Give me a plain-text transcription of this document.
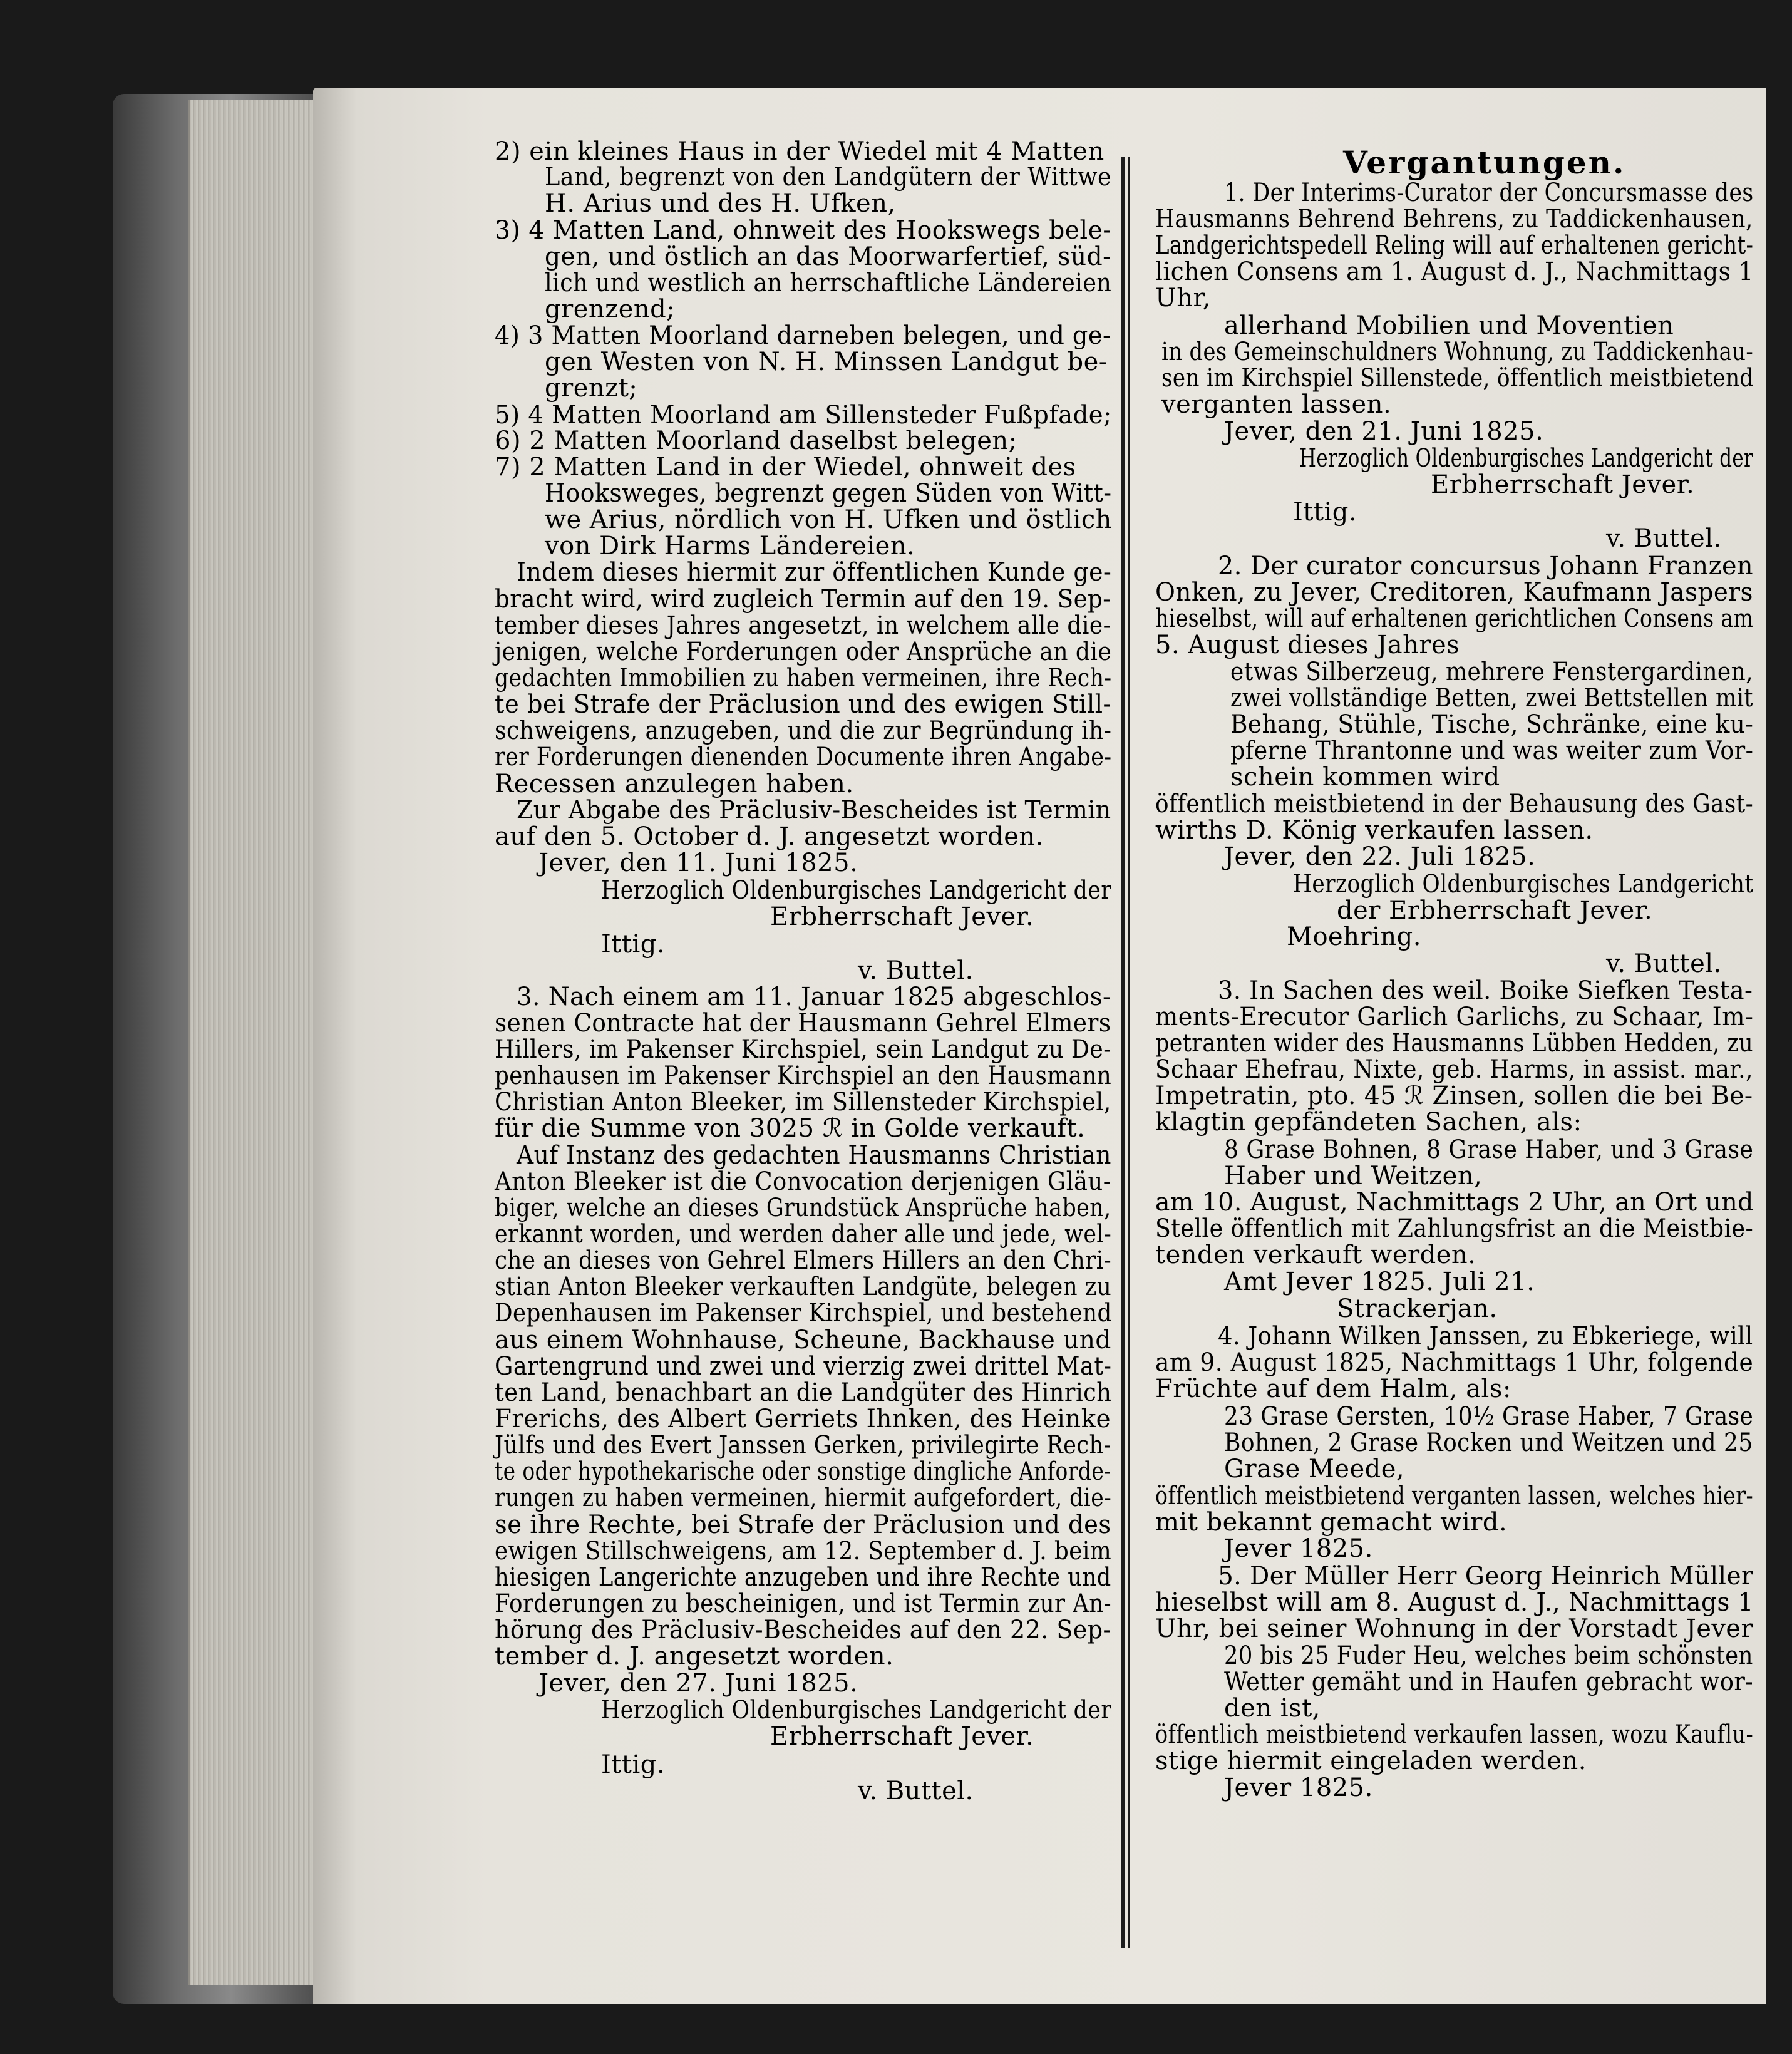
2) ein kleines Haus in der Wiedel mit 4 Matten
Land, begrenzt von den Landgütern der Wittwe
H. Arius und des H. Ufken,
3) 4 Matten Land, ohnweit des Hookswegs bele-
gen, und östlich an das Moorwarfertief, süd-
lich und westlich an herrschaftliche Ländereien
grenzend;
4) 3 Matten Moorland darneben belegen, und ge-
gen Westen von N. H. Minssen Landgut be-
grenzt;
5) 4 Matten Moorland am Sillensteder Fußpfade;
6) 2 Matten Moorland daselbst belegen;
7) 2 Matten Land in der Wiedel, ohnweit des
Hooksweges, begrenzt gegen Süden von Witt-
we Arius, nördlich von H. Ufken und östlich
von Dirk Harms Ländereien.
Indem dieses hiermit zur öffentlichen Kunde ge-
bracht wird, wird zugleich Termin auf den 19. Sep-
tember dieses Jahres angesetzt, in welchem alle die-
jenigen, welche Forderungen oder Ansprüche an die
gedachten Immobilien zu haben vermeinen, ihre Rech-
te bei Strafe der Präclusion und des ewigen Still-
schweigens, anzugeben, und die zur Begründung ih-
rer Forderungen dienenden Documente ihren Angabe-
Recessen anzulegen haben.
Zur Abgabe des Präclusiv-Bescheides ist Termin
auf den 5. October d. J. angesetzt worden.
Jever, den 11. Juni 1825.
Herzoglich Oldenburgisches Landgericht der
Erbherrschaft Jever.
Ittig.
v. Buttel.
3. Nach einem am 11. Januar 1825 abgeschlos-
senen Contracte hat der Hausmann Gehrel Elmers
Hillers, im Pakenser Kirchspiel, sein Landgut zu De-
penhausen im Pakenser Kirchspiel an den Hausmann
Christian Anton Bleeker, im Sillensteder Kirchspiel,
für die Summe von 3025 ℛ in Golde verkauft.
Auf Instanz des gedachten Hausmanns Christian
Anton Bleeker ist die Convocation derjenigen Gläu-
biger, welche an dieses Grundstück Ansprüche haben,
erkannt worden, und werden daher alle und jede, wel-
che an dieses von Gehrel Elmers Hillers an den Chri-
stian Anton Bleeker verkauften Landgüte, belegen zu
Depenhausen im Pakenser Kirchspiel, und bestehend
aus einem Wohnhause, Scheune, Backhause und
Gartengrund und zwei und vierzig zwei drittel Mat-
ten Land, benachbart an die Landgüter des Hinrich
Frerichs, des Albert Gerriets Ihnken, des Heinke
Jülfs und des Evert Janssen Gerken, privilegirte Rech-
te oder hypothekarische oder sonstige dingliche Anforde-
rungen zu haben vermeinen, hiermit aufgefordert, die-
se ihre Rechte, bei Strafe der Präclusion und des
ewigen Stillschweigens, am 12. September d. J. beim
hiesigen Langerichte anzugeben und ihre Rechte und
Forderungen zu bescheinigen, und ist Termin zur An-
hörung des Präclusiv-Bescheides auf den 22. Sep-
tember d. J. angesetzt worden.
Jever, den 27. Juni 1825.
Herzoglich Oldenburgisches Landgericht der
Erbherrschaft Jever.
Ittig.
v. Buttel.
Vergantungen.
1. Der Interims-Curator der Concursmasse des
Hausmanns Behrend Behrens, zu Taddickenhausen,
Landgerichtspedell Reling will auf erhaltenen gericht-
lichen Consens am 1. August d. J., Nachmittags 1
Uhr,
allerhand Mobilien und Moventien
in des Gemeinschuldners Wohnung, zu Taddickenhau-
sen im Kirchspiel Sillenstede, öffentlich meistbietend
verganten lassen.
Jever, den 21. Juni 1825.
Herzoglich Oldenburgisches Landgericht der
Erbherrschaft Jever.
Ittig.
v. Buttel.
2. Der curator concursus Johann Franzen
Onken, zu Jever, Creditoren, Kaufmann Jaspers
hieselbst, will auf erhaltenen gerichtlichen Consens am
5. August dieses Jahres
etwas Silberzeug, mehrere Fenstergardinen,
zwei vollständige Betten, zwei Bettstellen mit
Behang, Stühle, Tische, Schränke, eine ku-
pferne Thrantonne und was weiter zum Vor-
schein kommen wird
öffentlich meistbietend in der Behausung des Gast-
wirths D. König verkaufen lassen.
Jever, den 22. Juli 1825.
Herzoglich Oldenburgisches Landgericht
der Erbherrschaft Jever.
Moehring.
v. Buttel.
3. In Sachen des weil. Boike Siefken Testa-
ments-Erecutor Garlich Garlichs, zu Schaar, Im-
petranten wider des Hausmanns Lübben Hedden, zu
Schaar Ehefrau, Nixte, geb. Harms, in assist. mar.,
Impetratin, pto. 45 ℛ Zinsen, sollen die bei Be-
klagtin gepfändeten Sachen, als:
8 Grase Bohnen, 8 Grase Haber, und 3 Grase
Haber und Weitzen,
am 10. August, Nachmittags 2 Uhr, an Ort und
Stelle öffentlich mit Zahlungsfrist an die Meistbie-
tenden verkauft werden.
Amt Jever 1825. Juli 21.
Strackerjan.
4. Johann Wilken Janssen, zu Ebkeriege, will
am 9. August 1825, Nachmittags 1 Uhr, folgende
Früchte auf dem Halm, als:
23 Grase Gersten, 10½ Grase Haber, 7 Grase
Bohnen, 2 Grase Rocken und Weitzen und 25
Grase Meede,
öffentlich meistbietend verganten lassen, welches hier-
mit bekannt gemacht wird.
Jever 1825.
5. Der Müller Herr Georg Heinrich Müller
hieselbst will am 8. August d. J., Nachmittags 1
Uhr, bei seiner Wohnung in der Vorstadt Jever
20 bis 25 Fuder Heu, welches beim schönsten
Wetter gemäht und in Haufen gebracht wor-
den ist,
öffentlich meistbietend verkaufen lassen, wozu Kauflu-
stige hiermit eingeladen werden.
Jever 1825.
